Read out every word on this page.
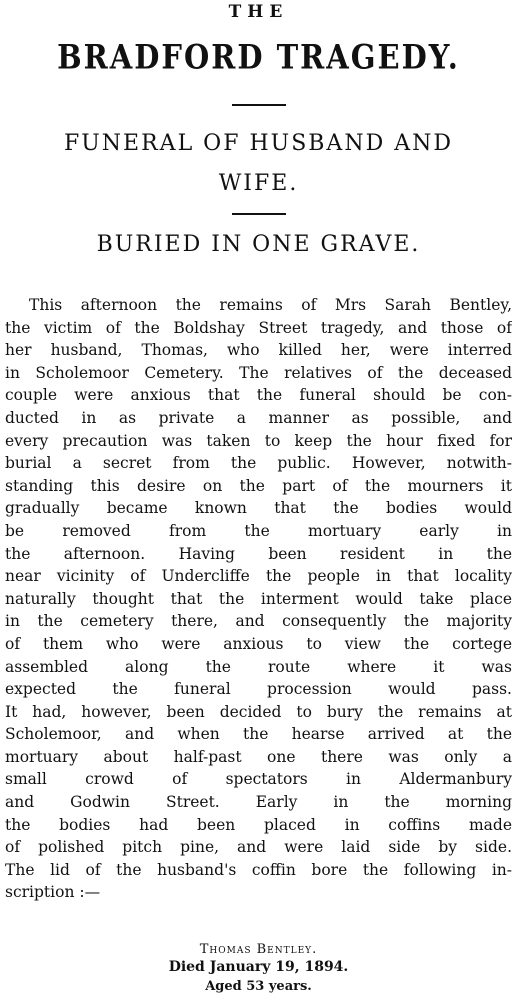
THE
BRADFORD TRAGEDY.
FUNERAL OF HUSBAND AND
WIFE.
BURIED IN ONE GRAVE.
This afternoon the remains of Mrs Sarah Bentley,
the victim of the Boldshay Street tragedy, and those of
her husband, Thomas, who killed her, were interred
in Scholemoor Cemetery. The relatives of the deceased
couple were anxious that the funeral should be con-
ducted in as private a manner as possible, and
every precaution was taken to keep the hour fixed for
burial a secret from the public. However, notwith-
standing this desire on the part of the mourners it
gradually became known that the bodies would
be removed from the mortuary early in
the afternoon. Having been resident in the
near vicinity of Undercliffe the people in that locality
naturally thought that the interment would take place
in the cemetery there, and consequently the majority
of them who were anxious to view the cortege
assembled along the route where it was
expected the funeral procession would pass.
It had, however, been decided to bury the remains at
Scholemoor, and when the hearse arrived at the
mortuary about half-past one there was only a
small crowd of spectators in Aldermanbury
and Godwin Street. Early in the morning
the bodies had been placed in coffins made
of polished pitch pine, and were laid side by side.
The lid of the husband's coffin bore the following in-
scription :—
Thomas Bentley.
Died January 19, 1894.
Aged 53 years.
